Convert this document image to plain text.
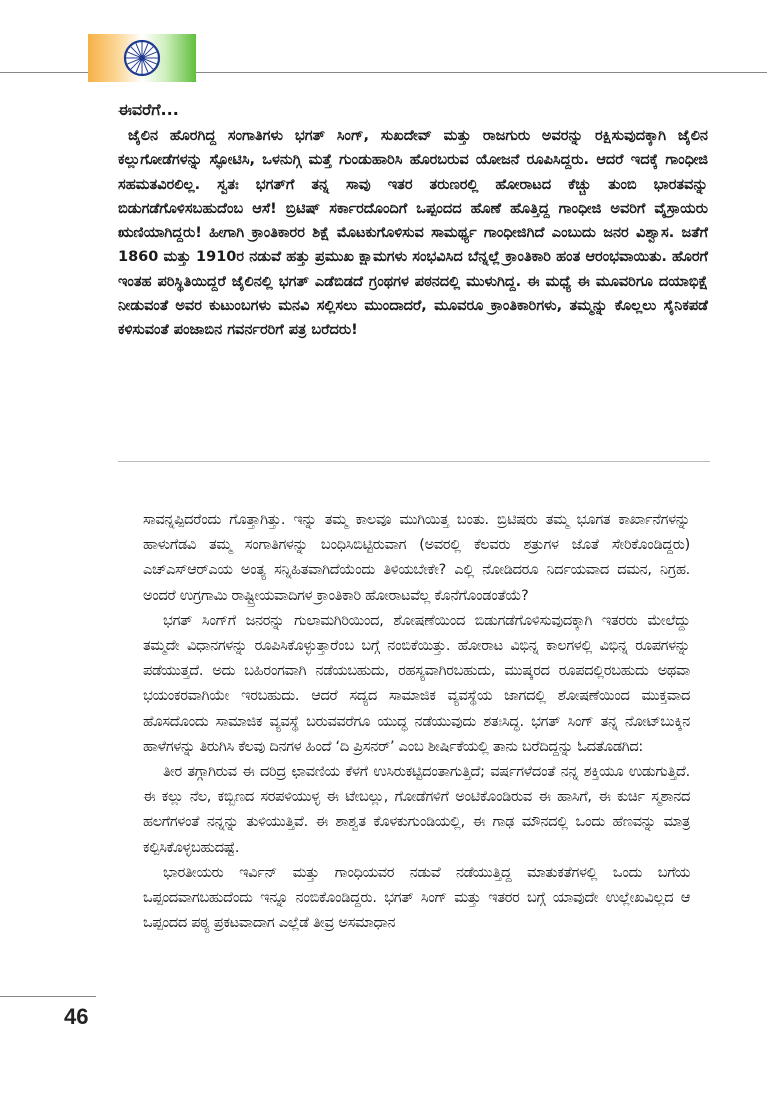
ಈವರೆಗೆ...

ಜೈಲಿನ ಹೊರಗಿದ್ದ ಸಂಗಾತಿಗಳು ಭಗತ್ ಸಿಂಗ್, ಸುಖದೇವ್ ಮತ್ತು ರಾಜಗುರು ಅವರನ್ನು ರಕ್ಷಿಸುವುದಕ್ಕಾಗಿ ಜೈಲಿನ ಕಲ್ಲುಗೋಡೆಗಳನ್ನು ಸ್ಫೋಟಿಸಿ, ಒಳನುಗ್ಗಿ ಮತ್ತೆ ಗುಂಡುಹಾರಿಸಿ ಹೊರಬರುವ ಯೋಜನೆ ರೂಪಿಸಿದ್ದರು. ಆದರೆ ಇದಕ್ಕೆ ಗಾಂಧೀಜಿ ಸಹಮತವಿರಲಿಲ್ಲ. ಸ್ವತಃ ಭಗತ್‌ಗೆ ತನ್ನ ಸಾವು ಇತರ ತರುಣರಲ್ಲಿ ಹೋರಾಟದ ಕೆಚ್ಚು ತುಂಬಿ ಭಾರತವನ್ನು ಬಿಡುಗಡೆಗೊಳಿಸಬಹುದೆಂಬ ಆಸೆ! ಬ್ರಿಟಿಷ್ ಸರ್ಕಾರದೊಂದಿಗೆ ಒಪ್ಪಂದದ ಹೊಣೆ ಹೊತ್ತಿದ್ದ ಗಾಂಧೀಜಿ ಅವರಿಗೆ ವೈಸ್ರಾಯರು ಋಣಿಯಾಗಿದ್ದರು! ಹೀಗಾಗಿ ಕ್ರಾಂತಿಕಾರರ ಶಿಕ್ಷೆ ಮೊಟಕುಗೊಳಿಸುವ ಸಾಮರ್ಥ್ಯ ಗಾಂಧೀಜಿಗಿದೆ ಎಂಬುದು ಜನರ ವಿಶ್ವಾಸ. ಜತೆಗೆ 1860 ಮತ್ತು 1910ರ ನಡುವೆ ಹತ್ತು ಪ್ರಮುಖ ಕ್ಷಾಮಗಳು ಸಂಭವಿಸಿದ ಬೆನ್ನಲ್ಲೆ ಕ್ರಾಂತಿಕಾರಿ ಹಂತ ಆರಂಭವಾಯಿತು. ಹೊರಗೆ ಇಂತಹ ಪರಿಸ್ಥಿತಿಯಿದ್ದರೆ ಜೈಲಿನಲ್ಲಿ ಭಗತ್ ಎಡೆಬಿಡದೆ ಗ್ರಂಥಗಳ ಪಠನದಲ್ಲಿ ಮುಳುಗಿದ್ದ. ಈ ಮಧ್ಯೆ ಈ ಮೂವರಿಗೂ ದಯಾಭಿಕ್ಷೆ ನೀಡುವಂತೆ ಅವರ ಕುಟುಂಬಗಳು ಮನವಿ ಸಲ್ಲಿಸಲು ಮುಂದಾದರೆ, ಮೂವರೂ ಕ್ರಾಂತಿಕಾರಿಗಳು, ತಮ್ಮನ್ನು ಕೊಲ್ಲಲು ಸೈನಿಕಪಡೆ ಕಳಿಸುವಂತೆ ಪಂಜಾಬಿನ ಗವರ್ನರರಿಗೆ ಪತ್ರ ಬರೆದರು!

ಸಾವನ್ನಪ್ಪಿದರೆಂದು ಗೊತ್ತಾಗಿತ್ತು. ಇನ್ನು ತಮ್ಮ ಕಾಲವೂ ಮುಗಿಯಿತ್ತ ಬಂತು. ಬ್ರಿಟಿಷರು ತಮ್ಮ ಭೂಗತ ಕಾರ್ಖಾನೆಗಳನ್ನು ಹಾಳುಗೆಡವಿ ತಮ್ಮ ಸಂಗಾತಿಗಳನ್ನು ಬಂಧಿಸಿಬಿಟ್ಟಿರುವಾಗ (ಅವರಲ್ಲಿ ಕೆಲವರು ಶತ್ರುಗಳ ಜೊತೆ ಸೇರಿಕೊಂಡಿದ್ದರು) ಎಚ್‌ಎಸ್‌ಆರ್‌ಎಯ ಅಂತ್ಯ ಸನ್ನಿಹಿತವಾಗಿದೆಯೆಂದು ತಿಳಿಯಬೇಕೇ? ಎಲ್ಲಿ ನೋಡಿದರೂ ನಿರ್ದಯವಾದ ದಮನ, ನಿಗ್ರಹ. ಅಂದರೆ ಉಗ್ರಗಾಮಿ ರಾಷ್ಟ್ರೀಯವಾದಿಗಳ ಕ್ರಾಂತಿಕಾರಿ ಹೋರಾಟವೆಲ್ಲ ಕೊನೆಗೊಂಡಂತೆಯೆ?

ಭಗತ್ ಸಿಂಗ್‌ಗೆ ಜನರನ್ನು ಗುಲಾಮಗಿರಿಯಿಂದ, ಶೋಷಣೆಯಿಂದ ಬಿಡುಗಡೆಗೊಳಿಸುವುದಕ್ಕಾಗಿ ಇತರರು ಮೇಲೆದ್ದು ತಮ್ಮದೇ ವಿಧಾನಗಳನ್ನು ರೂಪಿಸಿಕೊಳ್ಳುತ್ತಾರೆಂಬ ಬಗ್ಗೆ ನಂಬಿಕೆಯಿತ್ತು. ಹೋರಾಟ ವಿಭಿನ್ನ ಕಾಲಗಳಲ್ಲಿ ವಿಭಿನ್ನ ರೂಪಗಳನ್ನು ಪಡೆಯುತ್ತದೆ. ಅದು ಬಹಿರಂಗವಾಗಿ ನಡೆಯಬಹುದು, ರಹಸ್ಯವಾಗಿರಬಹುದು, ಮುಷ್ಕರದ ರೂಪದಲ್ಲಿರಬಹುದು ಅಥವಾ ಭಯಂಕರವಾಗಿಯೇ ಇರಬಹುದು. ಆದರೆ ಸದ್ಯದ ಸಾಮಾಜಿಕ ವ್ಯವಸ್ಥೆಯ ಜಾಗದಲ್ಲಿ ಶೋಷಣೆಯಿಂದ ಮುಕ್ತವಾದ ಹೊಸದೊಂದು ಸಾಮಾಜಿಕ ವ್ಯವಸ್ಥೆ ಬರುವವರೆಗೂ ಯುದ್ಧ ನಡೆಯುವುದು ಶತಃಸಿದ್ಧ. ಭಗತ್ ಸಿಂಗ್ ತನ್ನ ನೋಟ್‌ಬುಕ್ಕಿನ ಹಾಳೆಗಳನ್ನು ತಿರುಗಿಸಿ ಕೆಲವು ದಿನಗಳ ಹಿಂದೆ ‘ದಿ ಪ್ರಿಸನರ್’ ಎಂಬ ಶೀರ್ಷಿಕೆಯಲ್ಲಿ ತಾನು ಬರೆದಿದ್ದನ್ನು ಓದತೊಡಗಿದ:

ತೀರ ತಗ್ಗಾಗಿರುವ ಈ ದರಿದ್ರ ಛಾವಣಿಯ ಕೆಳಗೆ ಉಸಿರುಕಟ್ಟಿದಂತಾಗುತ್ತಿದೆ; ವರ್ಷಗಳೆದಂತೆ ನನ್ನ ಶಕ್ತಿಯೂ ಉಡುಗುತ್ತಿದೆ. ಈ ಕಲ್ಲು ನೆಲ, ಕಬ್ಬಿಣದ ಸರಪಳಿಯುಳ್ಳ ಈ ಟೇಬಲ್ಲು, ಗೋಡೆಗಳಿಗೆ ಅಂಟಿಕೊಂಡಿರುವ ಈ ಹಾಸಿಗೆ, ಈ ಕುರ್ಚಿ ಸ್ಮಶಾನದ ಹಲಗೆಗಳಂತೆ ನನ್ನನ್ನು ತುಳಿಯುತ್ತಿವೆ. ಈ ಶಾಶ್ವತ ಕೊಳಕುಗುಂಡಿಯಲ್ಲಿ, ಈ ಗಾಢ ಮೌನದಲ್ಲಿ ಒಂದು ಹೆಣವನ್ನು ಮಾತ್ರ ಕಲ್ಪಿಸಿಕೊಳ್ಳಬಹುದಷ್ಟೆ.

ಭಾರತೀಯರು ಇರ್ವಿನ್ ಮತ್ತು ಗಾಂಧಿಯವರ ನಡುವೆ ನಡೆಯುತ್ತಿದ್ದ ಮಾತುಕತೆಗಳಲ್ಲಿ ಒಂದು ಬಗೆಯ ಒಪ್ಪಂದವಾಗಬಹುದೆಂದು ಇನ್ನೂ ನಂಬಿಕೊಂಡಿದ್ದರು. ಭಗತ್ ಸಿಂಗ್ ಮತ್ತು ಇತರರ ಬಗ್ಗೆ ಯಾವುದೇ ಉಲ್ಲೇಖವಿಲ್ಲದ ಆ ಒಪ್ಪಂದದ ಪಠ್ಯ ಪ್ರಕಟವಾದಾಗ ಎಲ್ಲೆಡೆ ತೀವ್ರ ಅಸಮಾಧಾನ

46
